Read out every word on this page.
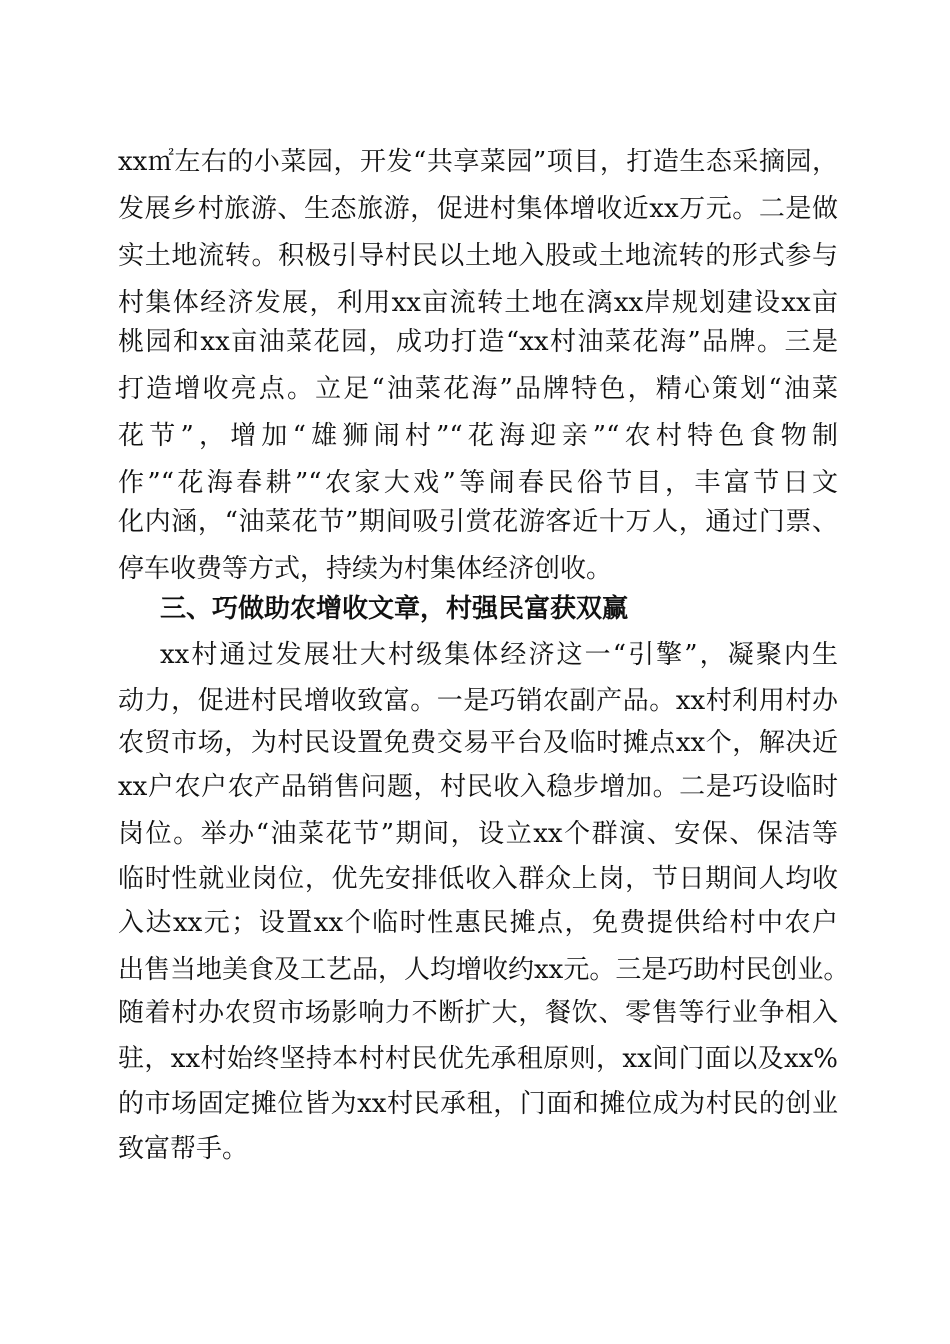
xx㎡左右的小菜园，开发“共享菜园”项目，打造生态采摘园，
发展乡村旅游、生态旅游，促进村集体增收近xx万元。二是做
实土地流转。积极引导村民以土地入股或土地流转的形式参与
村集体经济发展，利用xx亩流转土地在漓xx岸规划建设xx亩
桃园和xx亩油菜花园，成功打造“xx村油菜花海”品牌。三是
打造增收亮点。立足“油菜花海”品牌特色，精心策划“油菜
花节”，增加“雄狮闹村”“花海迎亲”“农村特色食物制
作”“花海春耕”“农家大戏”等闹春民俗节目，丰富节日文
化内涵，“油菜花节”期间吸引赏花游客近十万人，通过门票、
停车收费等方式，持续为村集体经济创收。
三、巧做助农增收文章，村强民富获双赢
xx村通过发展壮大村级集体经济这一“引擎”，凝聚内生
动力，促进村民增收致富。一是巧销农副产品。xx村利用村办
农贸市场，为村民设置免费交易平台及临时摊点xx个，解决近
xx户农户农产品销售问题，村民收入稳步增加。二是巧设临时
岗位。举办“油菜花节”期间，设立xx个群演、安保、保洁等
临时性就业岗位，优先安排低收入群众上岗，节日期间人均收
入达xx元；设置xx个临时性惠民摊点，免费提供给村中农户
出售当地美食及工艺品，人均增收约xx元。三是巧助村民创业。
随着村办农贸市场影响力不断扩大，餐饮、零售等行业争相入
驻，xx村始终坚持本村村民优先承租原则，xx间门面以及xx%
的市场固定摊位皆为xx村民承租，门面和摊位成为村民的创业
致富帮手。
